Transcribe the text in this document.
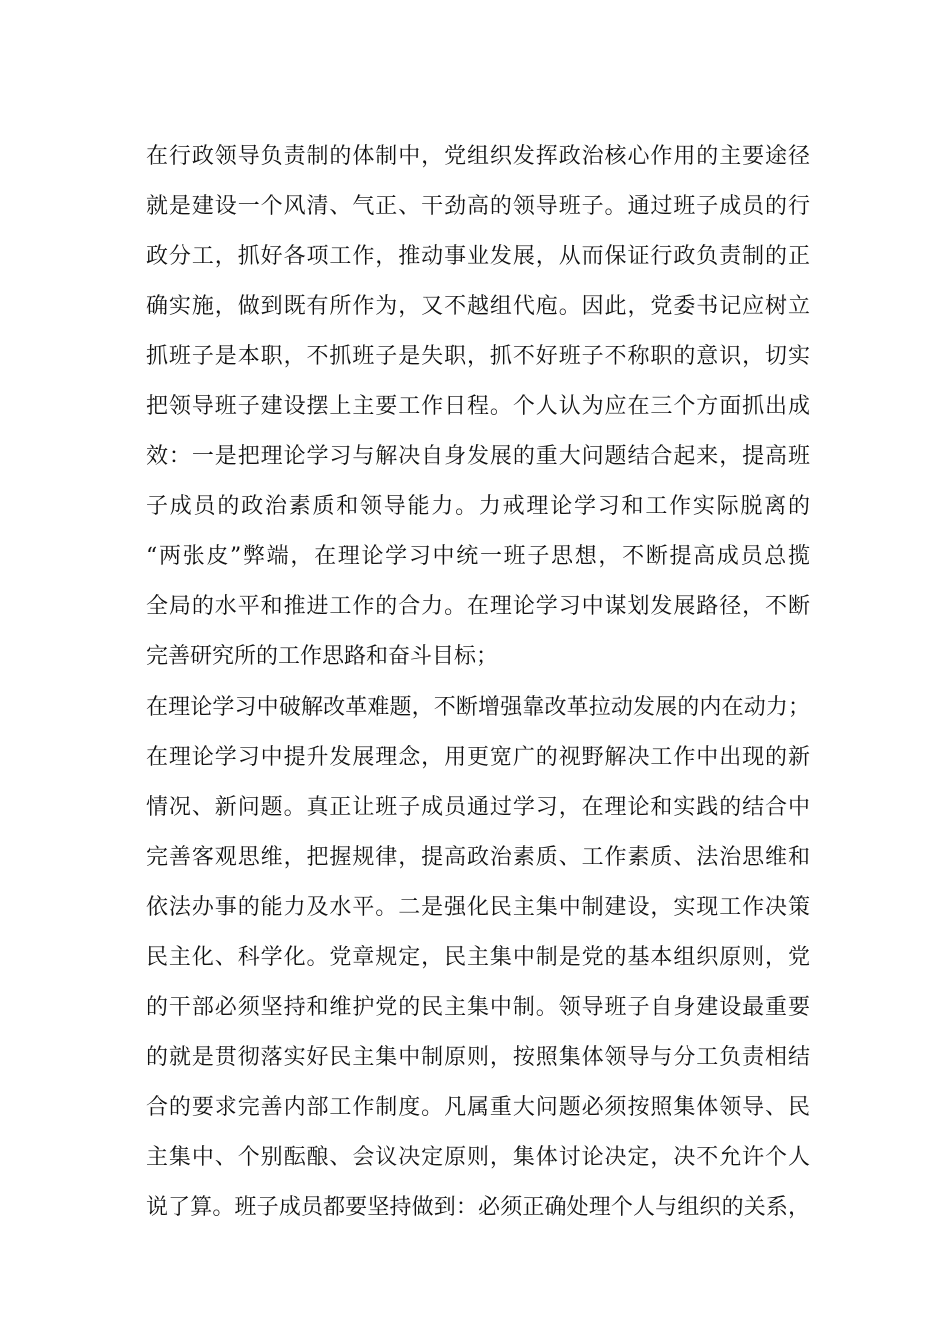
在行政领导负责制的体制中，党组织发挥政治核心作用的主要途径
就是建设一个风清、气正、干劲高的领导班子。通过班子成员的行
政分工，抓好各项工作，推动事业发展，从而保证行政负责制的正
确实施，做到既有所作为，又不越组代庖。因此，党委书记应树立
抓班子是本职，不抓班子是失职，抓不好班子不称职的意识，切实
把领导班子建设摆上主要工作日程。个人认为应在三个方面抓出成
效：一是把理论学习与解决自身发展的重大问题结合起来，提高班
子成员的政治素质和领导能力。力戒理论学习和工作实际脱离的
“两张皮”弊端，在理论学习中统一班子思想，不断提高成员总揽
全局的水平和推进工作的合力。在理论学习中谋划发展路径，不断
完善研究所的工作思路和奋斗目标；
在理论学习中破解改革难题，不断增强靠改革拉动发展的内在动力；
在理论学习中提升发展理念，用更宽广的视野解决工作中出现的新
情况、新问题。真正让班子成员通过学习，在理论和实践的结合中
完善客观思维，把握规律，提高政治素质、工作素质、法治思维和
依法办事的能力及水平。二是强化民主集中制建设，实现工作决策
民主化、科学化。党章规定，民主集中制是党的基本组织原则，党
的干部必须坚持和维护党的民主集中制。领导班子自身建设最重要
的就是贯彻落实好民主集中制原则，按照集体领导与分工负责相结
合的要求完善内部工作制度。凡属重大问题必须按照集体领导、民
主集中、个别酝酿、会议决定原则，集体讨论决定，决不允许个人
说了算。班子成员都要坚持做到：必须正确处理个人与组织的关系，
